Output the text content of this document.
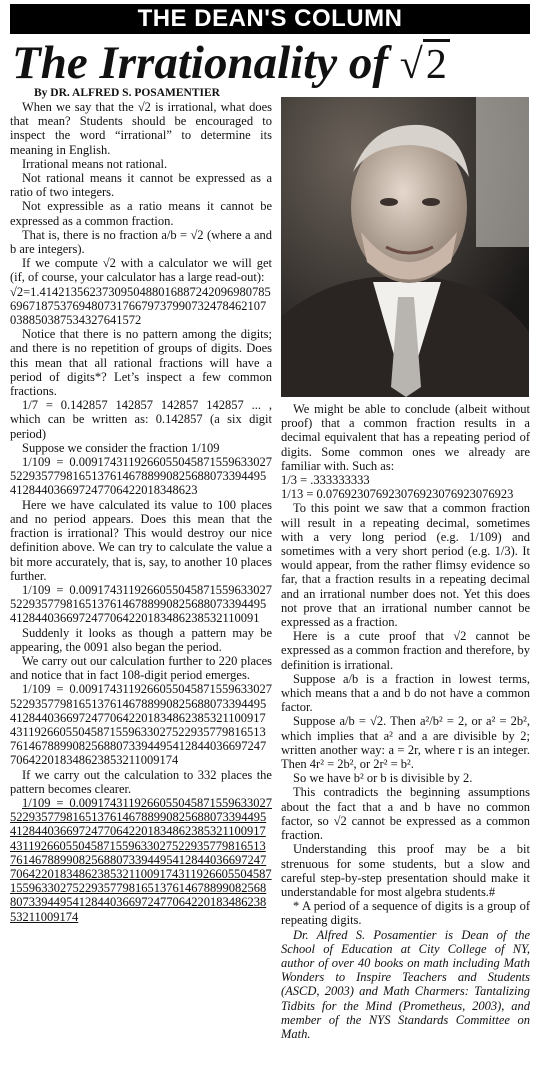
THE DEAN'S COLUMN
The Irrationality of √2
By DR. ALFRED S. POSAMENTIER

When we say that the √2 is irrational, what does that mean? Students should be encouraged to inspect the word “irrational” to determine its meaning in English.

Irrational means not rational.

Not rational means it cannot be expressed as a ratio of two integers.

Not expressible as a ratio means it cannot be expressed as a common fraction.

That is, there is no fraction a/b = √2 (where a and b are integers).

If we compute √2 with a calculator we will get (if, of course, your calculator has a large read-out):

√2=1.41421356237309504880168872420969807856967187537694807317667973799073247846210703885038753432764157​2

Notice that there is no pattern among the digits; and there is no repetition of groups of digits. Does this mean that all rational fractions will have a period of digits*? Let’s inspect a few common fractions.

1/7 = 0.142857 142857 142857 142857 ... , which can be written as: 0.142857 (a six digit period)

Suppose we consider the fraction 1/109

1/109 = 0.009174311926605504587155963302752293577981651376146788990825688073394495412844036697247706422018348623

Here we have calculated its value to 100 places and no period appears. Does this mean that the fraction is irrational? This would destroy our nice definition above. We can try to calculate the value a bit more accurately, that is, say, to another 10 places further.

1/109 = 0.0091743119266055045871559633027522935779816513761467889908256880733944954128440366972477064220183486238532110091

Suddenly it looks as though a pattern may be appearing, the 0091 also began the period.

We carry out our calculation further to 220 places and notice that in fact 108-digit period emerges.

1/109 = 0.00917431192660550458715596330275229357798165137614678899082568807339449541284403669724770642201834862385321100917431192660550458715596330275229357798165137614678899082568807339449541284403669724770642201834862385321100917​4

If we carry out the calculation to 332 places the pattern becomes clearer.

1/109 = 0.0091743119266055045871559633027522935779816513761467889908256880733944954128440366972477064220183486238532110091743119266055045871559633027522935779816513761467889908256880733944954128440366972477064220183486238532110091743119266055045871559633027522935779816513761467889908256880733944954128440366972477064220183486238532110091​74

We might be able to conclude (albeit without proof) that a common fraction results in a decimal equivalent that has a repeating period of digits. Some common ones we already are familiar with. Such as:

1/3 = .333333333

1/13 = 0.076923076923076923076923076923

To this point we saw that a common fraction will result in a repeating decimal, sometimes with a very long period (e.g. 1/109) and sometimes with a very short period (e.g. 1/3). It would appear, from the rather flimsy evidence so far, that a fraction results in a repeating decimal and an irrational number does not. Yet this does not prove that an irrational number cannot be expressed as a fraction.

Here is a cute proof that √2 cannot be expressed as a common fraction and therefore, by definition is irrational.

Suppose a/b is a fraction in lowest terms, which means that a and b do not have a common factor.

Suppose a/b = √2. Then a²/b² = 2, or a² = 2b², which implies that a² and a are divisible by 2; written another way: a = 2r, where r is an integer. Then 4r² = 2b², or 2r² = b².

So we have b² or b is divisible by 2.

This contradicts the beginning assumptions about the fact that a and b have no common factor, so √2 cannot be expressed as a common fraction.

Understanding this proof may be a bit strenuous for some students, but a slow and careful step-by-step presentation should make it understandable for most algebra students.#

* A period of a sequence of digits is a group of repeating digits.

Dr. Alfred S. Posamentier is Dean of the School of Education at City College of NY, author of over 40 books on math including Math Wonders to Inspire Teachers and Students (ASCD, 2003) and Math Charmers: Tantalizing Tidbits for the Mind (Prometheus, 2003), and member of the NYS Standards Committee on Math.
